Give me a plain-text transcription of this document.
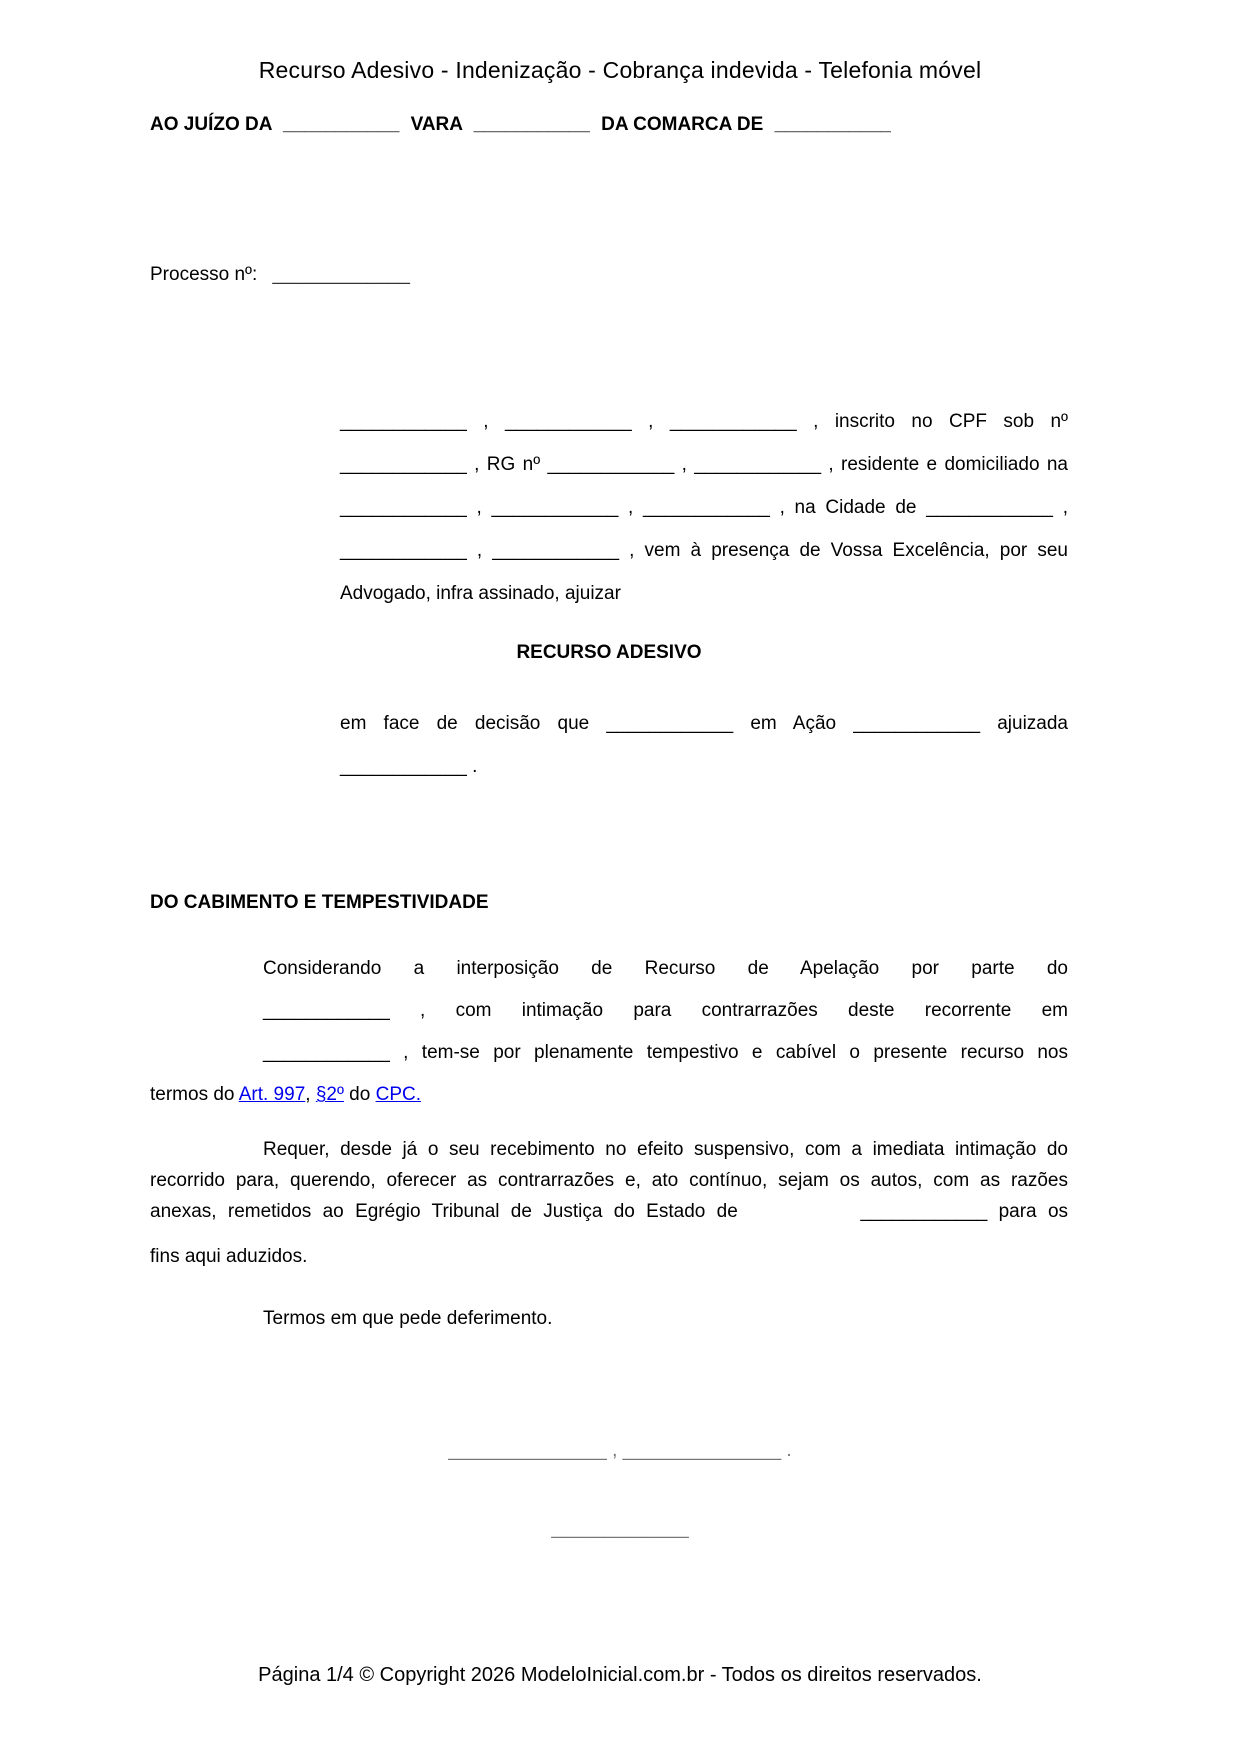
Recurso Adesivo - Indenização - Cobrança indevida - Telefonia móvel
AO JUÍZO DA ___________ VARA ___________ DA COMARCA DE ___________
Processo nº: _____________
____________ , ____________ , ____________ , inscrito no CPF sob nº
____________ , RG nº ____________ , ____________ , residente e domiciliado na
____________ , ____________ , ____________ , na Cidade de ____________ ,
____________ , ____________ , vem à presença de Vossa Excelência, por seu
Advogado, infra assinado, ajuizar
RECURSO ADESIVO
em face de decisão que ____________ em Ação ____________ ajuizada
____________ .
DO CABIMENTO E TEMPESTIVIDADE
Considerando a interposição de Recurso de Apelação por parte do
____________ , com intimação para contrarrazões deste recorrente em
____________ , tem-se por plenamente tempestivo e cabível o presente recurso nos
termos do Art. 997, §2º do CPC.
Requer, desde já o seu recebimento no efeito suspensivo, com a imediata intimação do
recorrido para, querendo, oferecer as contrarrazões e, ato contínuo, sejam os autos, com as razões
anexas, remetidos ao Egrégio Tribunal de Justiça do Estado de	____________ para os
fins aqui aduzidos.
Termos em que pede deferimento.
_______________ , _______________ .
_____________
Página 1/4 © Copyright 2026 ModeloInicial.com.br - Todos os direitos reservados.
